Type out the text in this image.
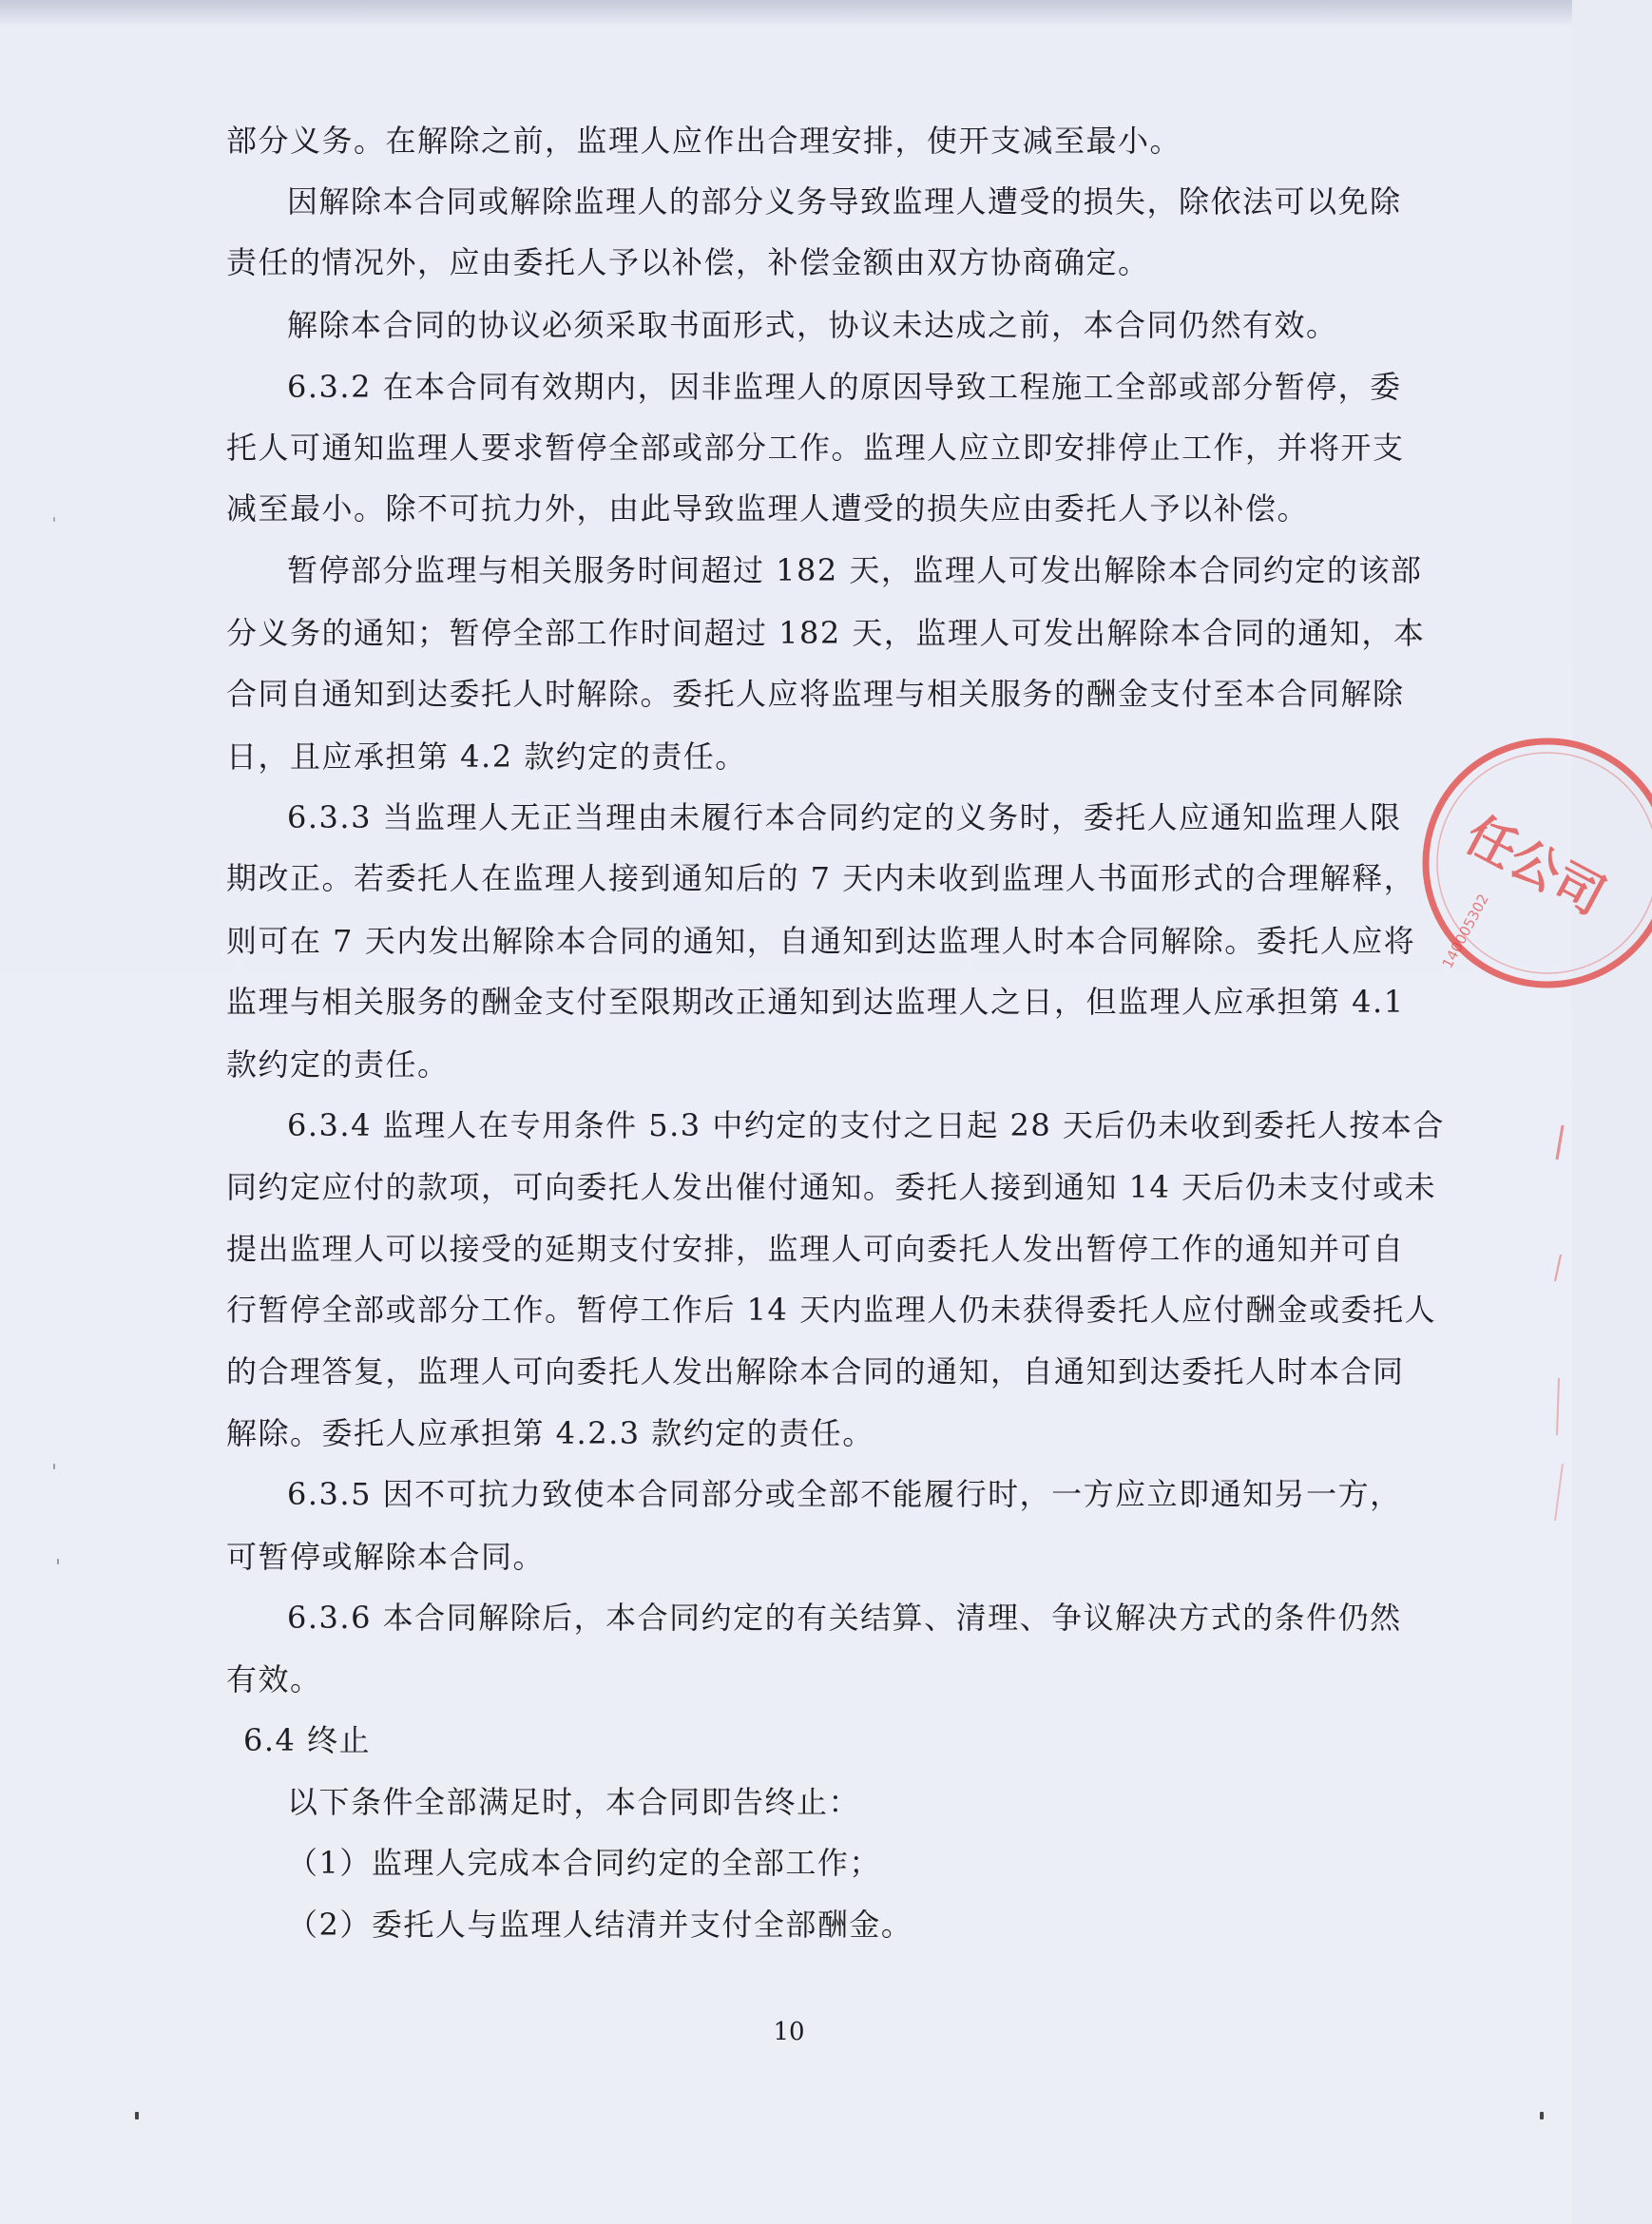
部分义务。在解除之前，监理人应作出合理安排，使开支减至最小。
因解除本合同或解除监理人的部分义务导致监理人遭受的损失，除依法可以免除
责任的情况外，应由委托人予以补偿，补偿金额由双方协商确定。
解除本合同的协议必须采取书面形式，协议未达成之前，本合同仍然有效。
6.3.2 在本合同有效期内，因非监理人的原因导致工程施工全部或部分暂停，委
托人可通知监理人要求暂停全部或部分工作。监理人应立即安排停止工作，并将开支
减至最小。除不可抗力外，由此导致监理人遭受的损失应由委托人予以补偿。
暂停部分监理与相关服务时间超过 182 天，监理人可发出解除本合同约定的该部
分义务的通知；暂停全部工作时间超过 182 天，监理人可发出解除本合同的通知，本
合同自通知到达委托人时解除。委托人应将监理与相关服务的酬金支付至本合同解除
日，且应承担第 4.2 款约定的责任。
6.3.3 当监理人无正当理由未履行本合同约定的义务时，委托人应通知监理人限
期改正。若委托人在监理人接到通知后的 7 天内未收到监理人书面形式的合理解释，
则可在 7 天内发出解除本合同的通知，自通知到达监理人时本合同解除。委托人应将
监理与相关服务的酬金支付至限期改正通知到达监理人之日，但监理人应承担第 4.1
款约定的责任。
6.3.4 监理人在专用条件 5.3 中约定的支付之日起 28 天后仍未收到委托人按本合
同约定应付的款项，可向委托人发出催付通知。委托人接到通知 14 天后仍未支付或未
提出监理人可以接受的延期支付安排，监理人可向委托人发出暂停工作的通知并可自
行暂停全部或部分工作。暂停工作后 14 天内监理人仍未获得委托人应付酬金或委托人
的合理答复，监理人可向委托人发出解除本合同的通知，自通知到达委托人时本合同
解除。委托人应承担第 4.2.3 款约定的责任。
6.3.5 因不可抗力致使本合同部分或全部不能履行时，一方应立即通知另一方，
可暂停或解除本合同。
6.3.6 本合同解除后，本合同约定的有关结算、清理、争议解决方式的条件仍然
有效。
6.4 终止
以下条件全部满足时，本合同即告终止：
（1）监理人完成本合同约定的全部工作；
（2）委托人与监理人结清并支付全部酬金。
10
任公司
140005302
